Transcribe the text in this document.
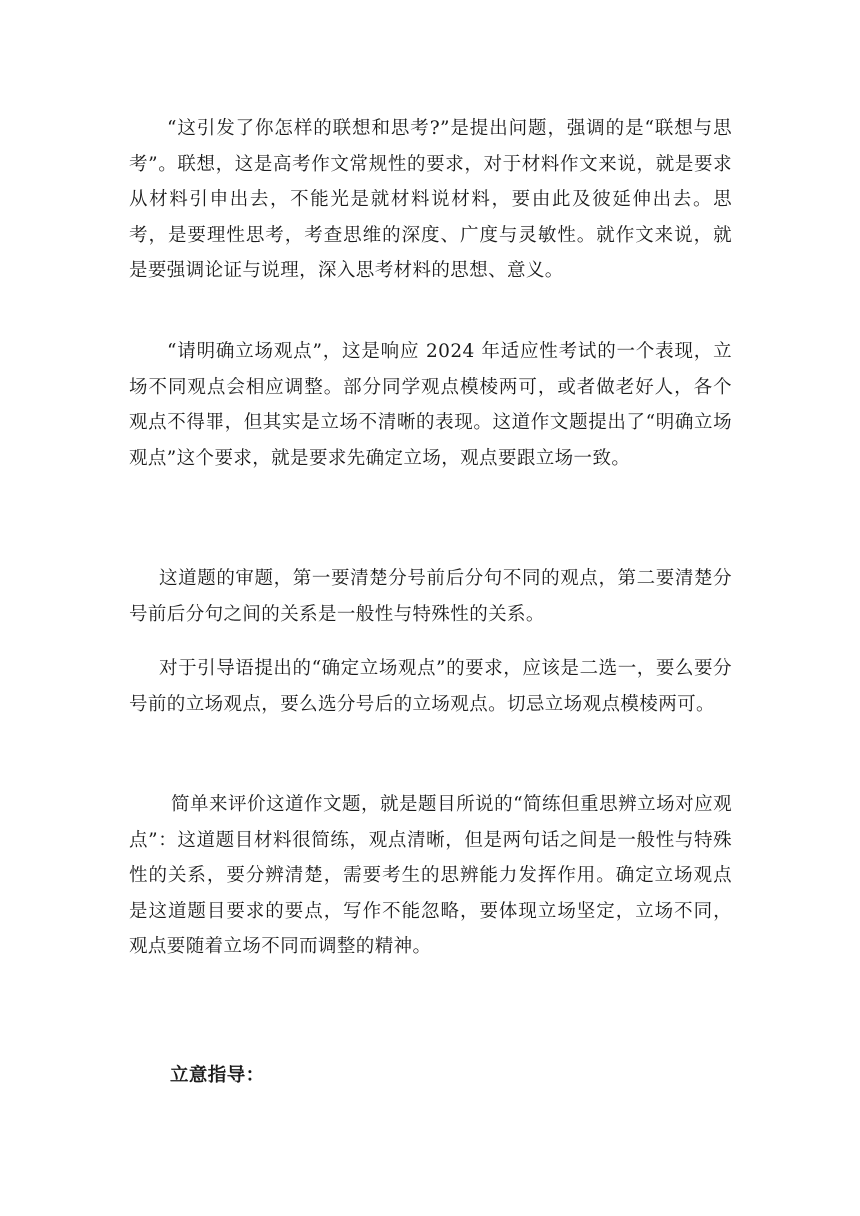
“这引发了你怎样的联想和思考?”是提出问题，强调的是“联想与思考”。联想，这是高考作文常规性的要求，对于材料作文来说，就是要求从材料引申出去，不能光是就材料说材料，要由此及彼延伸出去。思考，是要理性思考，考查思维的深度、广度与灵敏性。就作文来说，就是要强调论证与说理，深入思考材料的思想、意义。

“请明确立场观点”，这是响应 2024 年适应性考试的一个表现，立场不同观点会相应调整。部分同学观点模棱两可，或者做老好人，各个观点不得罪，但其实是立场不清晰的表现。这道作文题提出了“明确立场观点”这个要求，就是要求先确定立场，观点要跟立场一致。

这道题的审题，第一要清楚分号前后分句不同的观点，第二要清楚分号前后分句之间的关系是一般性与特殊性的关系。

对于引导语提出的“确定立场观点”的要求，应该是二选一，要么要分号前的立场观点，要么选分号后的立场观点。切忌立场观点模棱两可。

简单来评价这道作文题，就是题目所说的“简练但重思辨立场对应观点”：这道题目材料很简练，观点清晰，但是两句话之间是一般性与特殊性的关系，要分辨清楚，需要考生的思辨能力发挥作用。确定立场观点是这道题目要求的要点，写作不能忽略，要体现立场坚定，立场不同，观点要随着立场不同而调整的精神。

立意指导：
